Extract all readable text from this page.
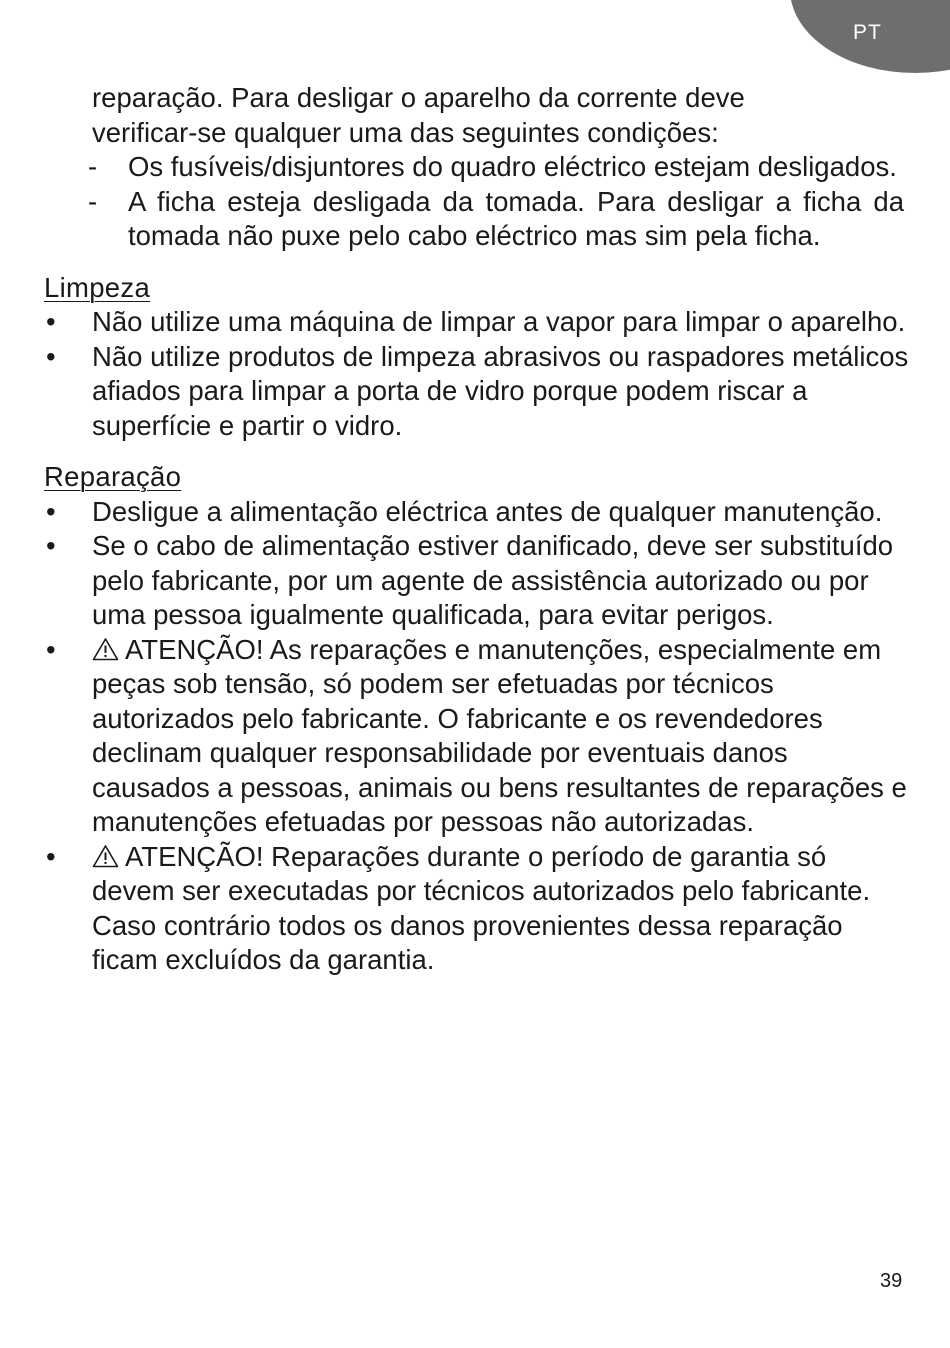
PT
reparação. Para desligar o aparelho da corrente deve
verificar-se qualquer uma das seguintes condições:
- Os fusíveis/disjuntores do quadro eléctrico estejam desligados.
- A ficha esteja desligada da tomada. Para desligar a ficha da tomada não puxe pelo cabo eléctrico mas sim pela ficha.
Limpeza
• Não utilize uma máquina de limpar a vapor para limpar o aparelho.
• Não utilize produtos de limpeza abrasivos ou raspadores metálicos afiados para limpar a porta de vidro porque podem riscar a superfície e partir o vidro.
Reparação
• Desligue a alimentação eléctrica antes de qualquer manutenção.
• Se o cabo de alimentação estiver danificado, deve ser substituído pelo fabricante, por um agente de assistência autorizado ou por uma pessoa igualmente qualificada, para evitar perigos.
•	ATENÇÃO! As reparações e manutenções, especialmente em peças sob tensão, só podem ser efetuadas por técnicos autorizados pelo fabricante. O fabricante e os revendedores declinam qualquer responsabilidade por eventuais danos causados a pessoas, animais ou bens resultantes de reparações e manutenções efetuadas por pessoas não autorizadas.
•	ATENÇÃO! Reparações durante o período de garantia só devem ser executadas por técnicos autorizados pelo fabricante. Caso contrário todos os danos provenientes dessa reparação ficam excluídos da garantia.
39
